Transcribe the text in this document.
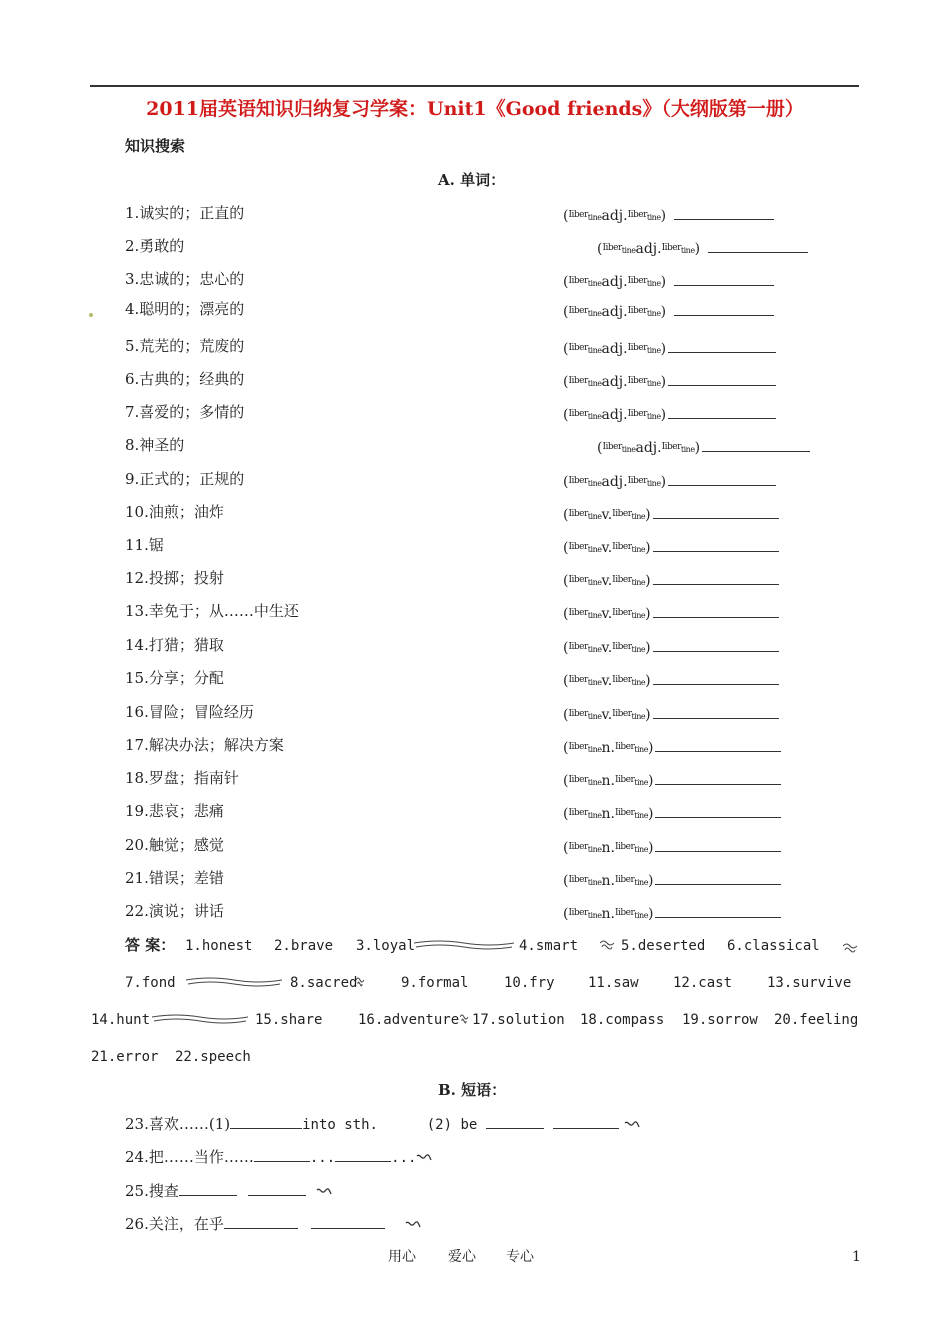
2011届英语知识归纳复习学案：Unit1《Good friends》（大纲版第一册）
知识搜索
A. 单词：
1.诚实的；正直的	($^{Iiber_{tine}}$adj.$^{Iiber_{tine}}$)
2.勇敢的	($^{Iiber_{tine}}$adj.$^{Iiber_{tine}}$)
3.忠诚的；忠心的	($^{Iiber_{tine}}$adj.$^{Iiber_{tine}}$)
4.聪明的；漂亮的	($^{Iiber_{tine}}$adj.$^{Iiber_{tine}}$)
5.荒芜的；荒废的	($^{Iiber_{tine}}$adj.$^{Iiber_{tine}}$)
6.古典的；经典的	($^{Iiber_{tine}}$adj.$^{Iiber_{tine}}$)
7.喜爱的；多情的	($^{Iiber_{tine}}$adj.$^{Iiber_{tine}}$)
8.神圣的	($^{Iiber_{tine}}$adj.$^{Iiber_{tine}}$)
9.正式的；正规的	($^{Iiber_{tine}}$adj.$^{Iiber_{tine}}$)
10.油煎；油炸	($^{Iiber_{tine}}$v.$^{Iiber_{tine}}$)
11.锯	($^{Iiber_{tine}}$v.$^{Iiber_{tine}}$)
12.投掷；投射	($^{Iiber_{tine}}$v.$^{Iiber_{tine}}$)
13.幸免于；从……中生还	($^{Iiber_{tine}}$v.$^{Iiber_{tine}}$)
14.打猎；猎取	($^{Iiber_{tine}}$v.$^{Iiber_{tine}}$)
15.分享；分配	($^{Iiber_{tine}}$v.$^{Iiber_{tine}}$)
16.冒险；冒险经历	($^{Iiber_{tine}}$v.$^{Iiber_{tine}}$)
17.解决办法；解决方案	($^{Iiber_{tine}}$n.$^{Iiber_{tine}}$)
18.罗盘；指南针	($^{Iiber_{tine}}$n.$^{Iiber_{tine}}$)
19.悲哀；悲痛	($^{Iiber_{tine}}$n.$^{Iiber_{tine}}$)
20.触觉；感觉	($^{Iiber_{tine}}$n.$^{Iiber_{tine}}$)
21.错误；差错	($^{Iiber_{tine}}$n.$^{Iiber_{tine}}$)
22.演说；讲话	($^{Iiber_{tine}}$n.$^{Iiber_{tine}}$)
答 案： 1.honest 2.brave 3.loyal	4.smart	5.deserted 6.classical
7.fond	8.sacred	9.formal	10.fry 11.saw 12.cast 13.survive
14.hunt	15.share	16.adventure 17.solution 18.compass 19.sorrow 20.feeling
21.error 22.speech
B. 短语：
23.喜欢……(1)	into sth.	(2) be
24.把……当作……	...	...
25.搜查
26.关注，在乎
用心 爱心 专心	1
